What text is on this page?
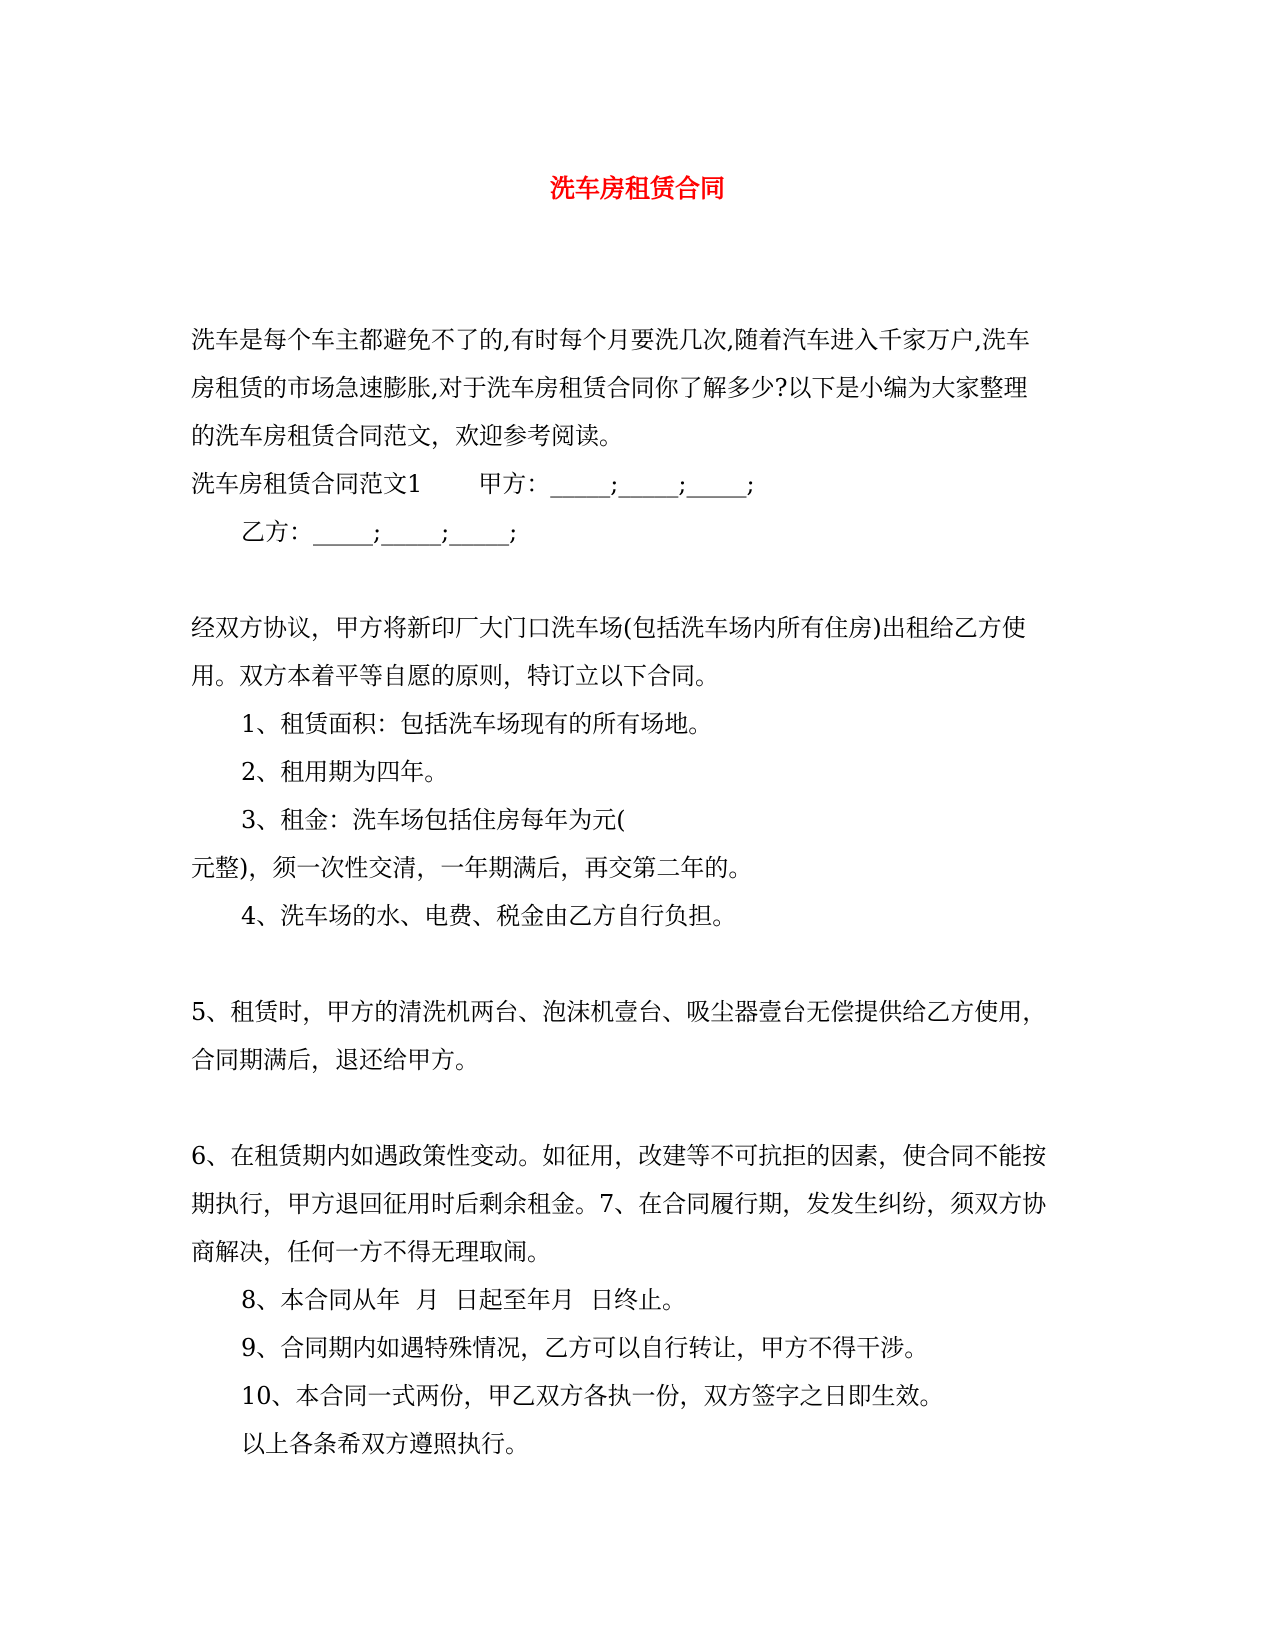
洗车房租赁合同

洗车是每个车主都避免不了的,有时每个月要洗几次,随着汽车进入千家万户,洗车

房租赁的市场急速膨胀,对于洗车房租赁合同你了解多少?以下是小编为大家整理

的洗车房租赁合同范文，欢迎参考阅读。

洗车房租赁合同范文1 甲方：_____;_____;_____;

乙方：_____;_____;_____;

经双方协议，甲方将新印厂大门口洗车场(包括洗车场内所有住房)出租给乙方使

用。双方本着平等自愿的原则，特订立以下合同。

1、租赁面积：包括洗车场现有的所有场地。

2、租用期为四年。

3、租金：洗车场包括住房每年为元(

元整)，须一次性交清，一年期满后，再交第二年的。

4、洗车场的水、电费、税金由乙方自行负担。

5、租赁时，甲方的清洗机两台、泡沫机壹台、吸尘器壹台无偿提供给乙方使用，

合同期满后，退还给甲方。

6、在租赁期内如遇政策性变动。如征用，改建等不可抗拒的因素，使合同不能按

期执行，甲方退回征用时后剩余租金。7、在合同履行期，发发生纠纷，须双方协

商解决，任何一方不得无理取闹。

8、本合同从年  月  日起至年月  日终止。

9、合同期内如遇特殊情况，乙方可以自行转让，甲方不得干涉。

10、本合同一式两份，甲乙双方各执一份，双方签字之日即生效。

以上各条希双方遵照执行。
